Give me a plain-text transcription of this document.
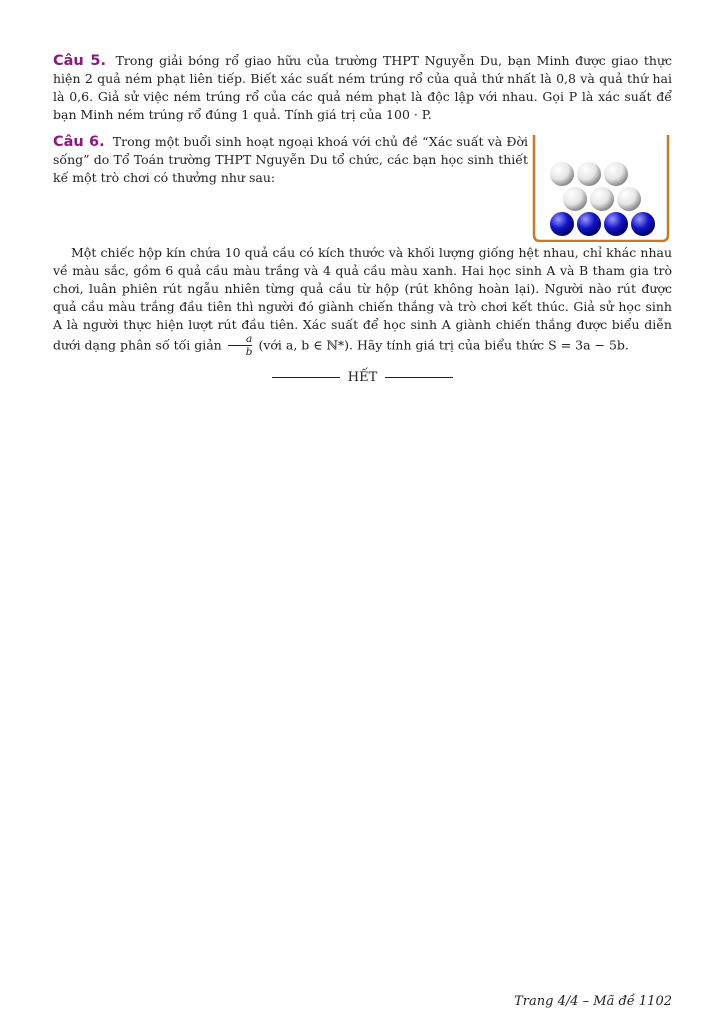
Câu 5. Trong giải bóng rổ giao hữu của trường THPT Nguyễn Du, bạn Minh được giao thực hiện 2 quả ném phạt liên tiếp. Biết xác suất ném trúng rổ của quả thứ nhất là 0,8 và quả thứ hai là 0,6. Giả sử việc ném trúng rổ của các quả ném phạt là độc lập với nhau. Gọi P là xác suất để bạn Minh ném trúng rổ đúng 1 quả. Tính giá trị của 100 · P.
Câu 6. Trong một buổi sinh hoạt ngoại khoá với chủ đề “Xác suất và Đời sống” do Tổ Toán trường THPT Nguyễn Du tổ chức, các bạn học sinh thiết kế một trò chơi có thưởng như sau:
Một chiếc hộp kín chứa 10 quả cầu có kích thước và khối lượng giống hệt nhau, chỉ khác nhau về màu sắc, gồm 6 quả cầu màu trắng và 4 quả cầu màu xanh. Hai học sinh A và B tham gia trò chơi, luân phiên rút ngẫu nhiên từng quả cầu từ hộp (rút không hoàn lại). Người nào rút được quả cầu màu trắng đầu tiên thì người đó giành chiến thắng và trò chơi kết thúc. Giả sử học sinh A là người thực hiện lượt rút đầu tiên. Xác suất để học sinh A giành chiến thắng được biểu diễn dưới dạng phân số tối giản $\frac{a}{b}$ (với a, b ∈ ℕ*). Hãy tính giá trị của biểu thức S = 3a − 5b.
HẾT
Trang 4/4 – Mã đề 1102
